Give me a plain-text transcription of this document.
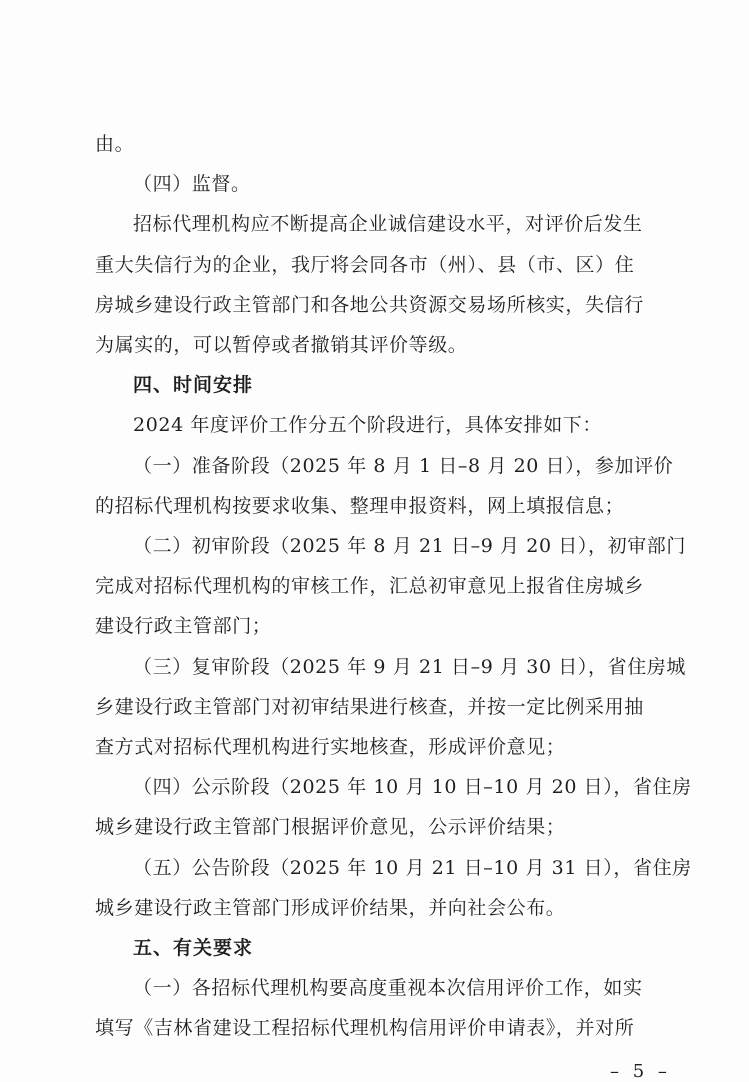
由。
（四）监督。
招标代理机构应不断提高企业诚信建设水平，对评价后发生
重大失信行为的企业，我厅将会同各市（州）、县（市、区）住
房城乡建设行政主管部门和各地公共资源交易场所核实，失信行
为属实的，可以暂停或者撤销其评价等级。
四、时间安排
2024 年度评价工作分五个阶段进行，具体安排如下：
（一）准备阶段（2025 年 8 月 1 日–8 月 20 日），参加评价
的招标代理机构按要求收集、整理申报资料，网上填报信息；
（二）初审阶段（2025 年 8 月 21 日–9 月 20 日），初审部门
完成对招标代理机构的审核工作，汇总初审意见上报省住房城乡
建设行政主管部门；
（三）复审阶段（2025 年 9 月 21 日–9 月 30 日），省住房城
乡建设行政主管部门对初审结果进行核查，并按一定比例采用抽
查方式对招标代理机构进行实地核查，形成评价意见；
（四）公示阶段（2025 年 10 月 10 日–10 月 20 日），省住房
城乡建设行政主管部门根据评价意见，公示评价结果；
（五）公告阶段（2025 年 10 月 21 日–10 月 31 日），省住房
城乡建设行政主管部门形成评价结果，并向社会公布。
五、有关要求
（一）各招标代理机构要高度重视本次信用评价工作，如实
填写《吉林省建设工程招标代理机构信用评价申请表》，并对所
– 5 –
